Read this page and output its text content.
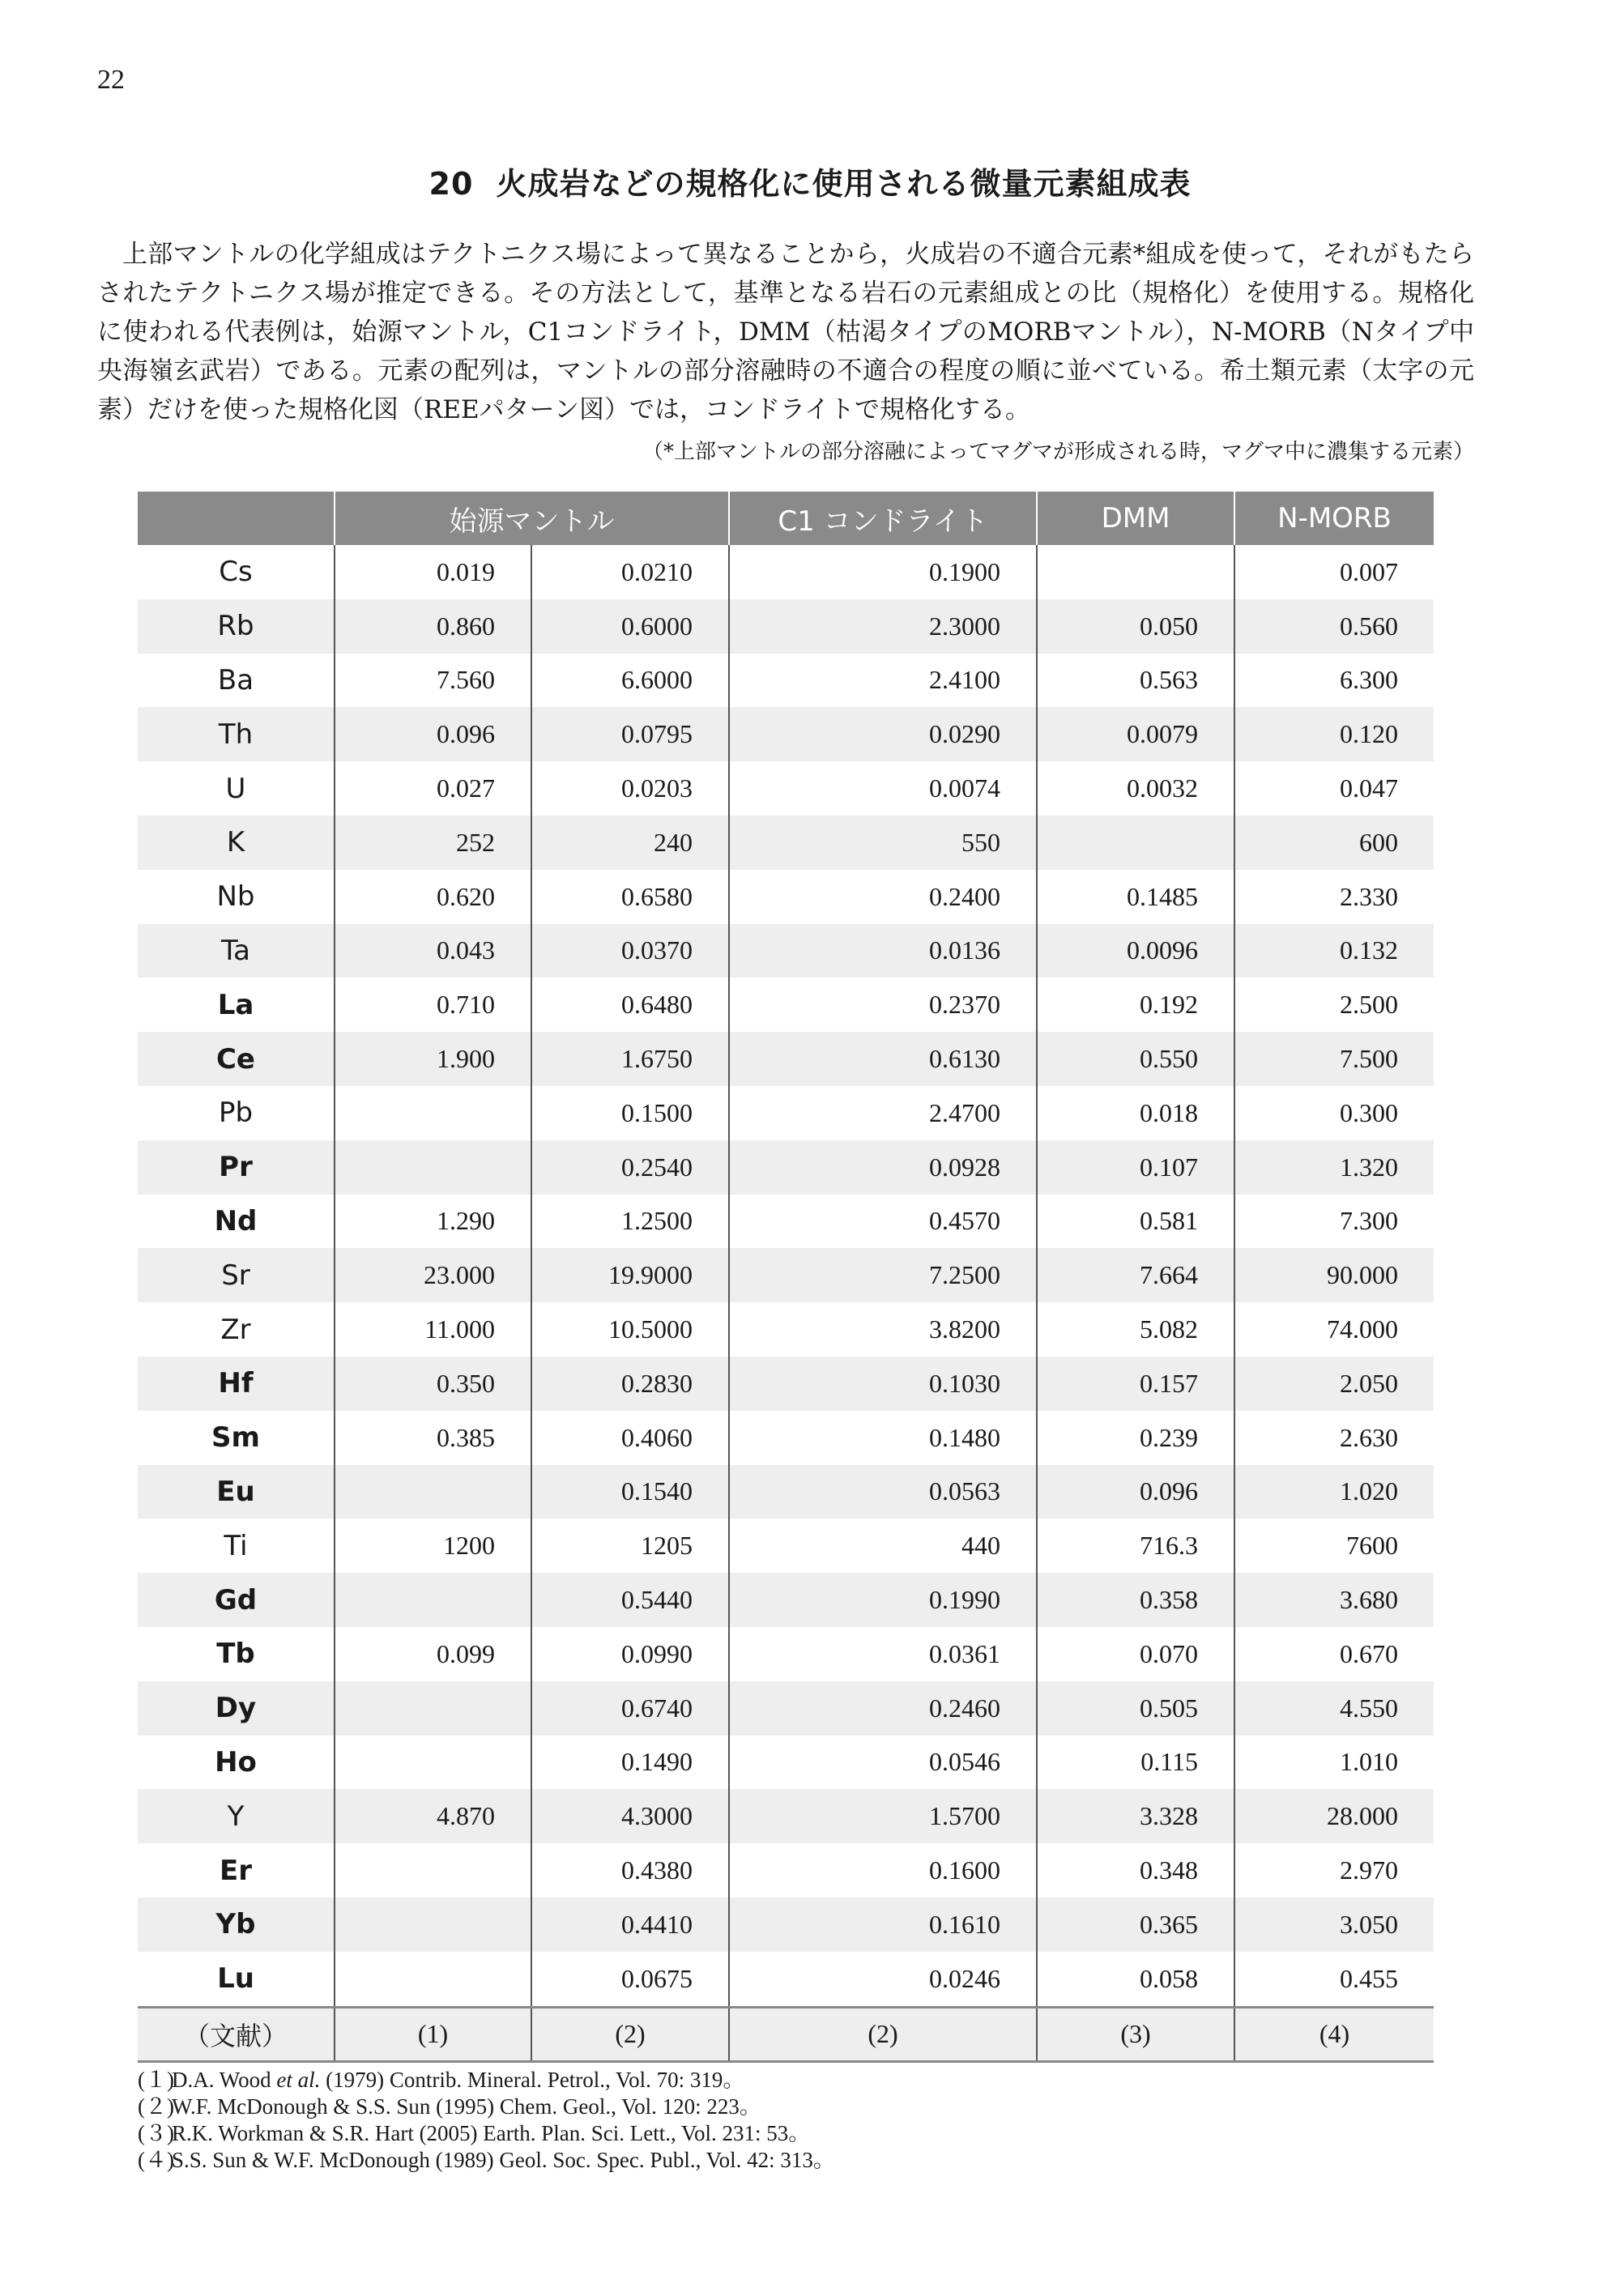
22
20 火成岩などの規格化に使用される微量元素組成表

上部マントルの化学組成はテクトニクス場によって異なることから，火成岩の不適合元素*組成を使って，それがもたらされたテクトニクス場が推定できる。その方法として，基準となる岩石の元素組成との比（規格化）を使用する。規格化に使われる代表例は，始源マントル，C1コンドライト，DMM（枯渇タイプのMORBマントル），N-MORB（Nタイプ中央海嶺玄武岩）である。元素の配列は，マントルの部分溶融時の不適合の程度の順に並べている。希土類元素（太字の元素）だけを使った規格化図（REEパターン図）では，コンドライトで規格化する。

（*上部マントルの部分溶融によってマグマが形成される時，マグマ中に濃集する元素）
	始源マントル		C1 コンドライト	DMM	N-MORB
Cs	0.019	0.0210	0.1900		0.007
Rb	0.860	0.6000	2.3000	0.050	0.560
Ba	7.560	6.6000	2.4100	0.563	6.300
Th	0.096	0.0795	0.0290	0.0079	0.120
U	0.027	0.0203	0.0074	0.0032	0.047
K	252	240	550		600
Nb	0.620	0.6580	0.2400	0.1485	2.330
Ta	0.043	0.0370	0.0136	0.0096	0.132
La	0.710	0.6480	0.2370	0.192	2.500
Ce	1.900	1.6750	0.6130	0.550	7.500
Pb		0.1500	2.4700	0.018	0.300
Pr		0.2540	0.0928	0.107	1.320
Nd	1.290	1.2500	0.4570	0.581	7.300
Sr	23.000	19.9000	7.2500	7.664	90.000
Zr	11.000	10.5000	3.8200	5.082	74.000
Hf	0.350	0.2830	0.1030	0.157	2.050
Sm	0.385	0.4060	0.1480	0.239	2.630
Eu		0.1540	0.0563	0.096	1.020
Ti	1200	1205	440	716.3	7600
Gd		0.5440	0.1990	0.358	3.680
Tb	0.099	0.0990	0.0361	0.070	0.670
Dy		0.6740	0.2460	0.505	4.550
Ho		0.1490	0.0546	0.115	1.010
Y	4.870	4.3000	1.5700	3.328	28.000
Er		0.4380	0.1600	0.348	2.970
Yb		0.4410	0.1610	0.365	3.050
Lu		0.0675	0.0246	0.058	0.455
（文献）	(1)	(2)	(2)	(3)	(4)
(１)D.A. Wood et al. (1979) Contrib. Mineral. Petrol., Vol. 70: 319。
(２)W.F. McDonough & S.S. Sun (1995) Chem. Geol., Vol. 120: 223。
(３)R.K. Workman & S.R. Hart (2005) Earth. Plan. Sci. Lett., Vol. 231: 53。
(４)S.S. Sun & W.F. McDonough (1989) Geol. Soc. Spec. Publ., Vol. 42: 313。
